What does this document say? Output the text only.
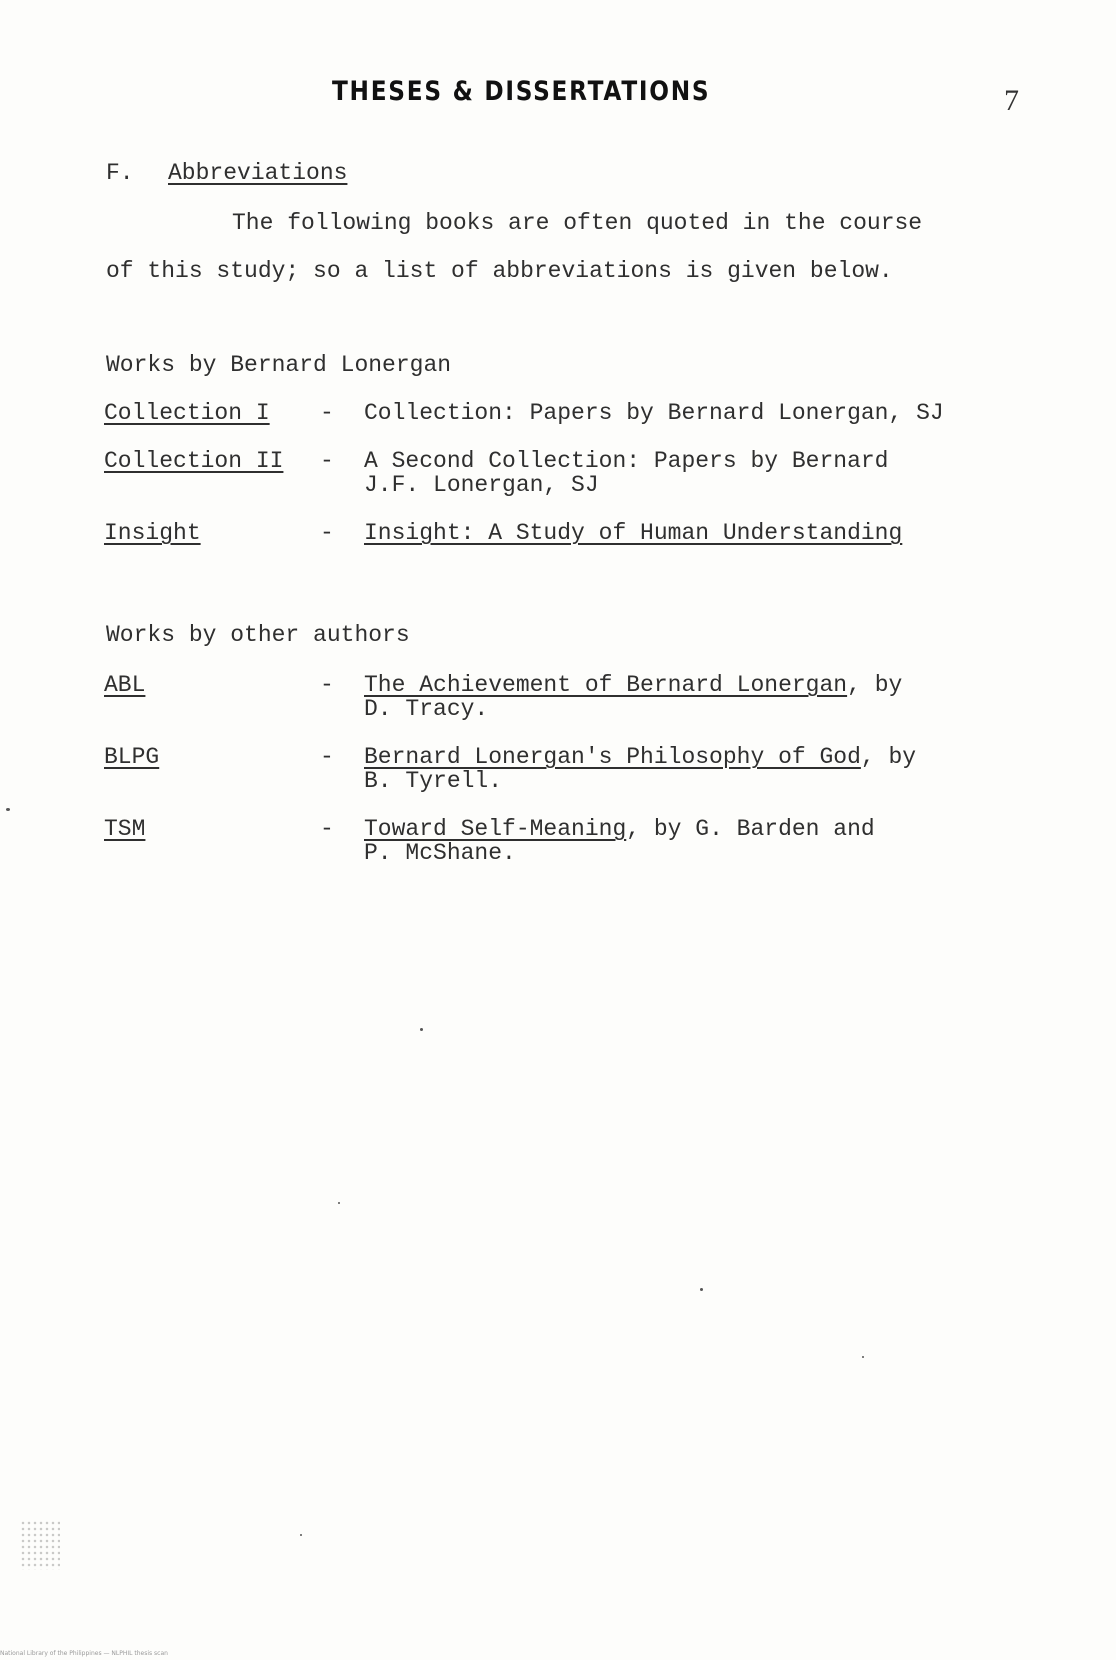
THESES & DISSERTATIONS	7
F. Abbreviations
The following books are often quoted in the course
of this study; so a list of abbreviations is given below.
Works by Bernard Lonergan
Collection I - Collection: Papers by Bernard Lonergan, SJ
Collection II - A Second Collection: Papers by Bernard
J.F. Lonergan, SJ
Insight	- Insight: A Study of Human Understanding
Works by other authors
ABL	- The Achievement of Bernard Lonergan, by
D. Tracy.
BLPG	- Bernard Lonergan's Philosophy of God, by
B. Tyrell.
TSM	- Toward Self-Meaning, by G. Barden and
P. McShane.
National Library of the Philippines — NLPHIL thesis scan
